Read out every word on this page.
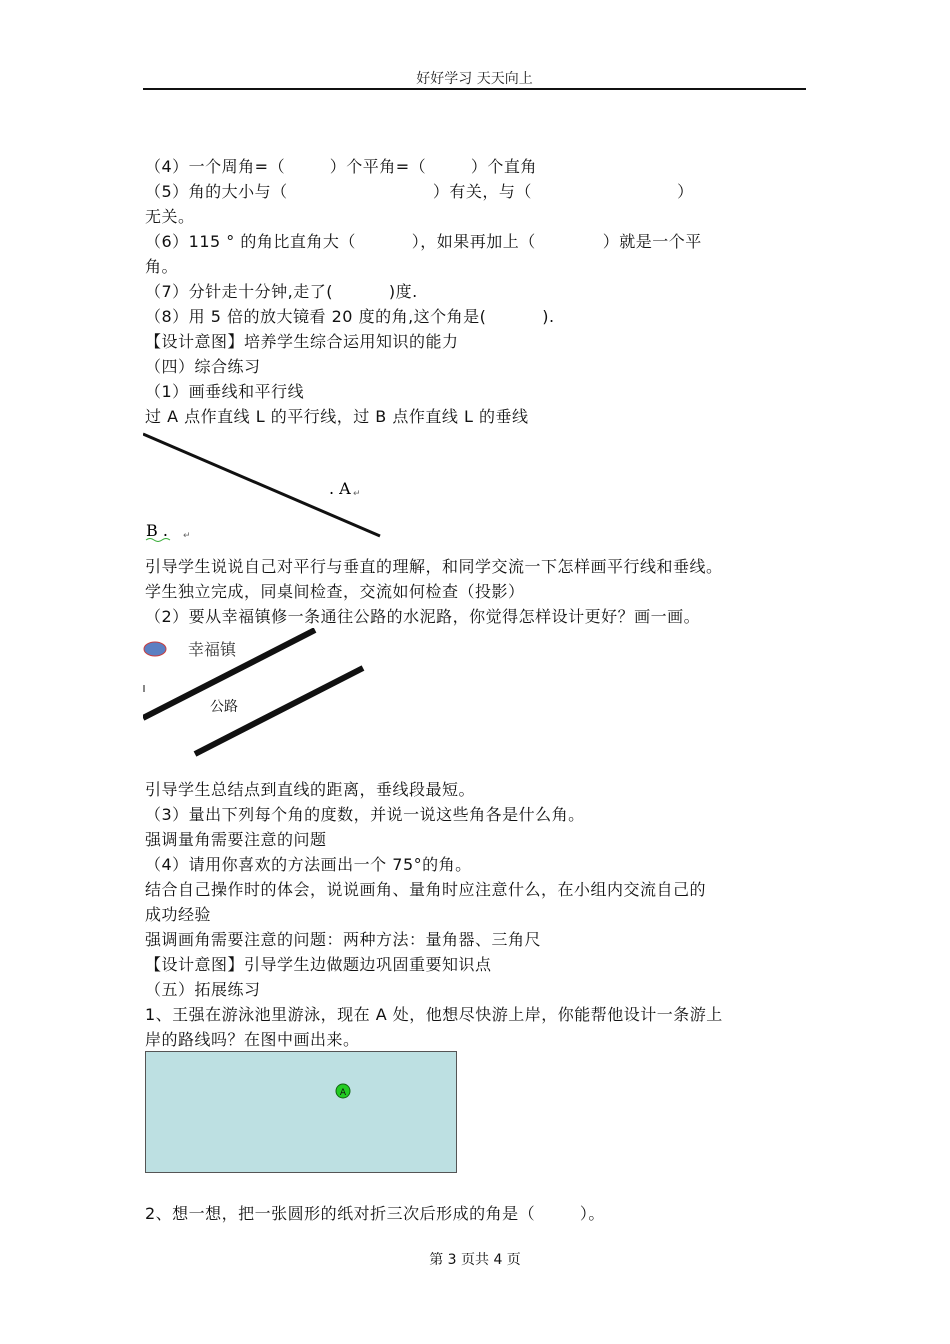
好好学习 天天向上
（4）一个周角=（        ）个平角=（        ）个直角
（5）角的大小与（                          ）有关，与（                          ）
无关。
（6）115 ° 的角比直角大（          ），如果再加上（            ）就是一个平
角。
（7）分针走十分钟,走了(          )度.
（8）用 5 倍的放大镜看 20 度的角,这个角是(          ).
【设计意图】培养学生综合运用知识的能力
（四）综合练习
（1）画垂线和平行线
过 A 点作直线 L 的平行线，过 B 点作直线 L 的垂线
. A
B .
↵
↵
引导学生说说自己对平行与垂直的理解，和同学交流一下怎样画平行线和垂线。
学生独立完成，同桌间检查，交流如何检查（投影）
（2）要从幸福镇修一条通往公路的水泥路，你觉得怎样设计更好？画一画。
幸福镇
公路
引导学生总结点到直线的距离，垂线段最短。
（3）量出下列每个角的度数，并说一说这些角各是什么角。
强调量角需要注意的问题
（4）请用你喜欢的方法画出一个 75°的角。
结合自己操作时的体会，说说画角、量角时应注意什么，在小组内交流自己的
成功经验
强调画角需要注意的问题：两种方法：量角器、三角尺
【设计意图】引导学生边做题边巩固重要知识点
（五）拓展练习
1、王强在游泳池里游泳，现在 A 处，他想尽快游上岸，你能帮他设计一条游上
岸的路线吗？在图中画出来。
A
2、想一想，把一张圆形的纸对折三次后形成的角是（        ）。
第 3 页共 4 页
